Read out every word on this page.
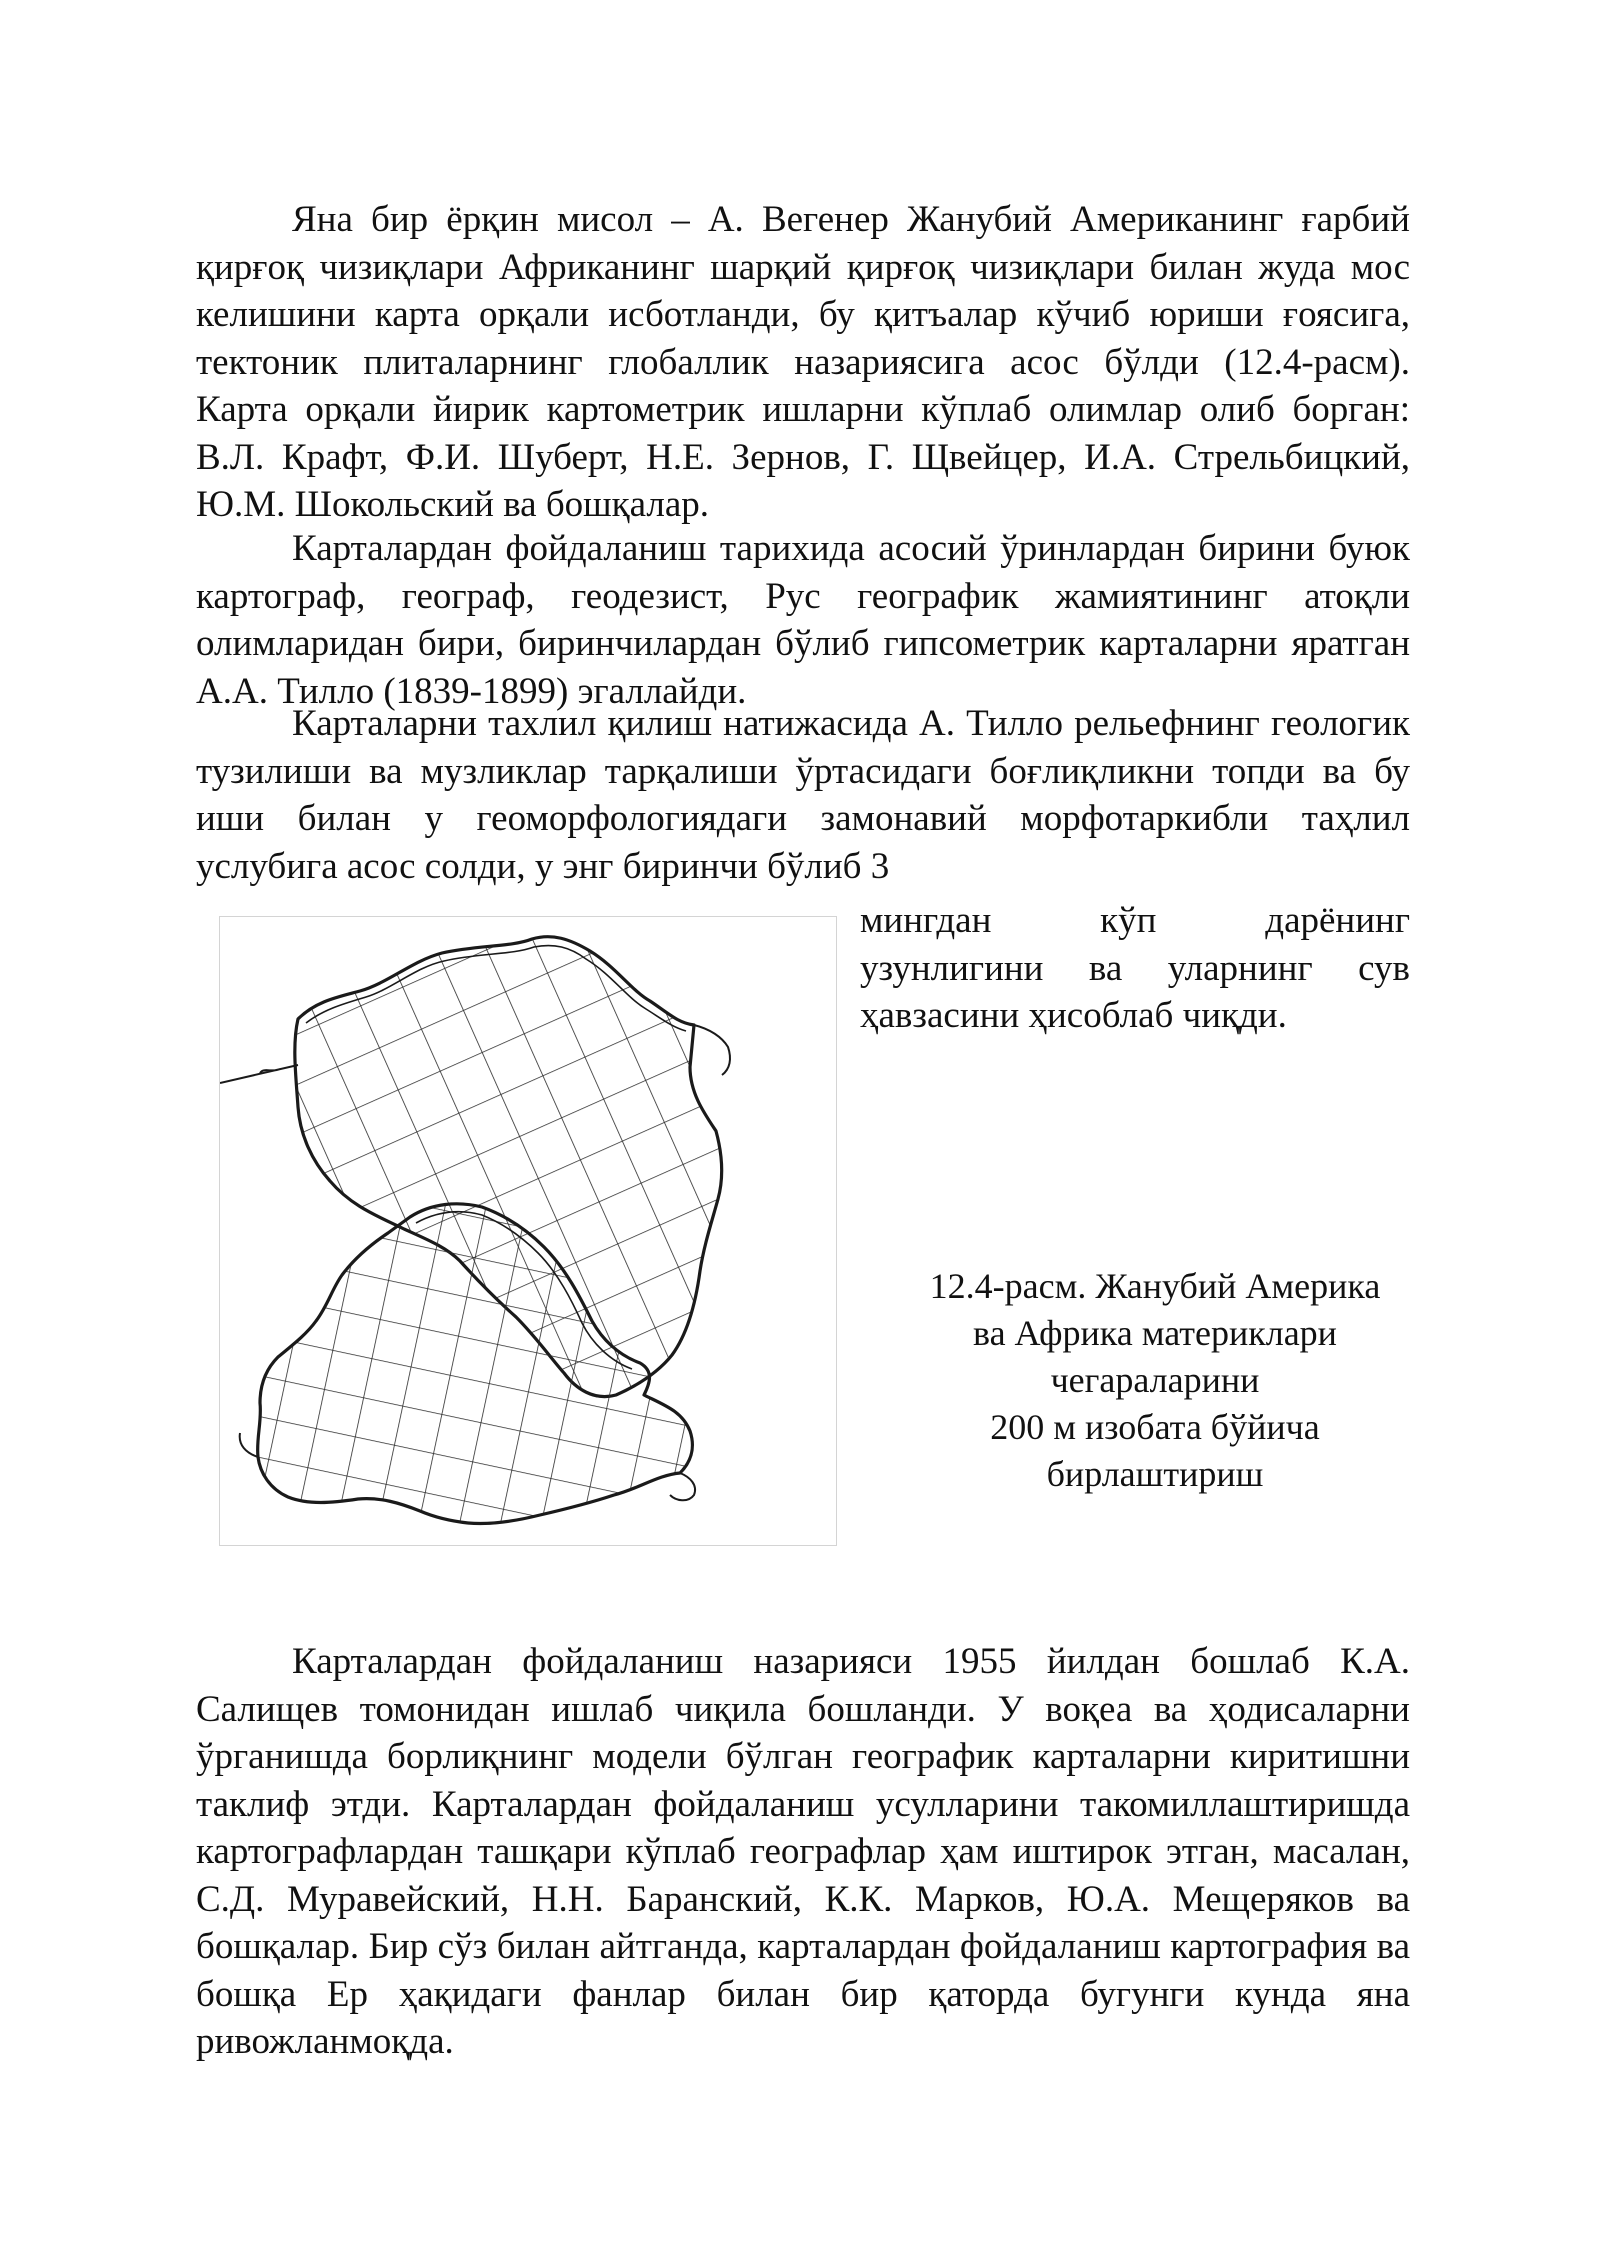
Яна бир ёрқин мисол – А. Вегенер Жанубий Американинг ғарбий қирғоқ чизиқлари Африканинг шарқий қирғоқ чизиқлари билан жуда мос келишини карта орқали исботланди, бу қитъалар кўчиб юриши ғоясига, тектоник плиталарнинг глобаллик назариясига асос бўлди (12.4-расм). Карта орқали йирик картометрик ишларни кўплаб олимлар олиб борган: В.Л. Крафт, Ф.И. Шуберт, Н.Е. Зернов, Г. Щвейцер, И.А. Стрельбицкий, Ю.М. Шокольский ва бошқалар.

Карталардан фойдаланиш тарихида асосий ўринлардан бирини буюк картограф, географ, геодезист, Рус географик жамиятининг атоқли олимларидан бири, биринчилардан бўлиб гипсометрик карталарни яратган А.А. Тилло (1839-1899) эгаллайди.

Карталарни тахлил қилиш натижасида А. Тилло рельефнинг геологик тузилиши ва музликлар тарқалиши ўртасидаги боғлиқликни топди ва бу иши билан у геоморфологиядаги замонавий морфотаркибли таҳлил услубига асос солди, у энг биринчи бўлиб 3

мингдан кўп дарёнинг
узунлигини ва уларнинг сув
ҳавзасини ҳисоблаб чиқди.

12.4-расм. Жанубий Америка
ва Африка материклари
чегараларини
200 м изобата бўйича
бирлаштириш

Карталардан фойдаланиш назарияси 1955 йилдан бошлаб К.А. Салищев томонидан ишлаб чиқила бошланди. У воқеа ва ҳодисаларни ўрганишда борлиқнинг модели бўлган географик карталарни киритишни таклиф этди. Карталардан фойдаланиш усулларини такомиллаштиришда картографлардан ташқари кўплаб географлар ҳам иштирок этган, масалан, С.Д. Муравейский, Н.Н. Баранский, К.К. Марков, Ю.А. Мещеряков ва бошқалар. Бир сўз билан айтганда, карталардан фойдаланиш картография ва бошқа Ер ҳақидаги фанлар билан бир қаторда бугунги кунда яна ривожланмоқда.
